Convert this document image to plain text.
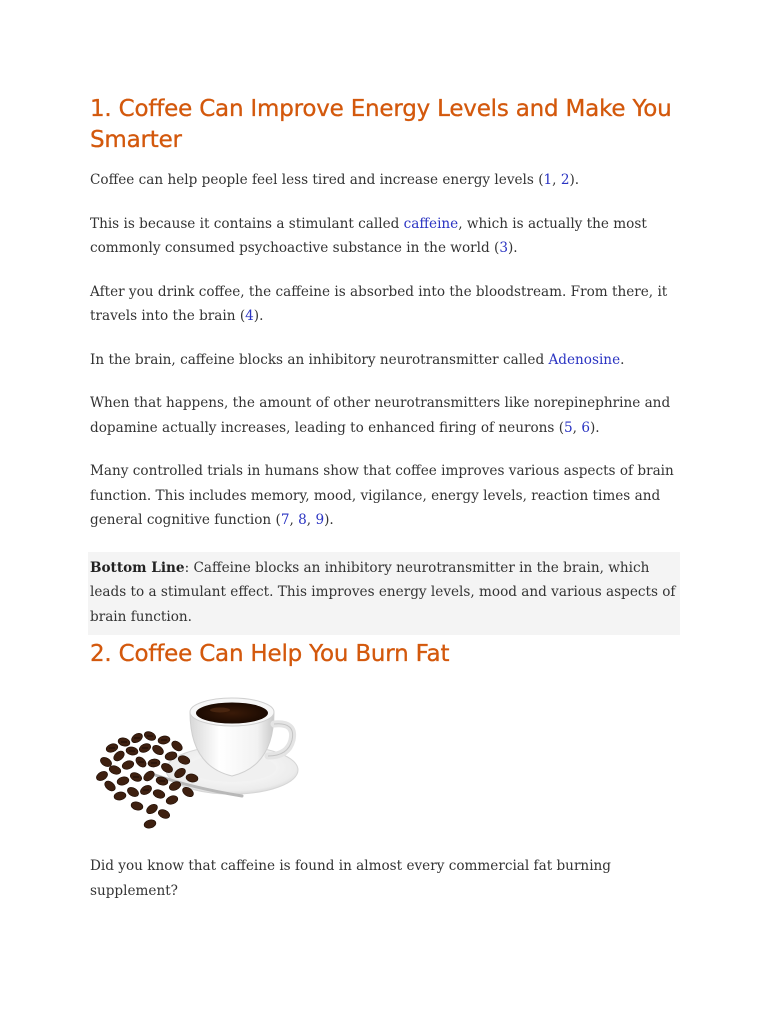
1. Coffee Can Improve Energy Levels and Make You Smarter

Coffee can help people feel less tired and increase energy levels (1, 2).

This is because it contains a stimulant called caffeine, which is actually the most commonly consumed psychoactive substance in the world (3).

After you drink coffee, the caffeine is absorbed into the bloodstream. From there, it travels into the brain (4).

In the brain, caffeine blocks an inhibitory neurotransmitter called Adenosine.

When that happens, the amount of other neurotransmitters like norepinephrine and dopamine actually increases, leading to enhanced firing of neurons (5, 6).

Many controlled trials in humans show that coffee improves various aspects of brain function. This includes memory, mood, vigilance, energy levels, reaction times and general cognitive function (7, 8, 9).

Bottom Line: Caffeine blocks an inhibitory neurotransmitter in the brain, which leads to a stimulant effect. This improves energy levels, mood and various aspects of brain function.
2. Coffee Can Help You Burn Fat

Did you know that caffeine is found in almost every commercial fat burning supplement?
